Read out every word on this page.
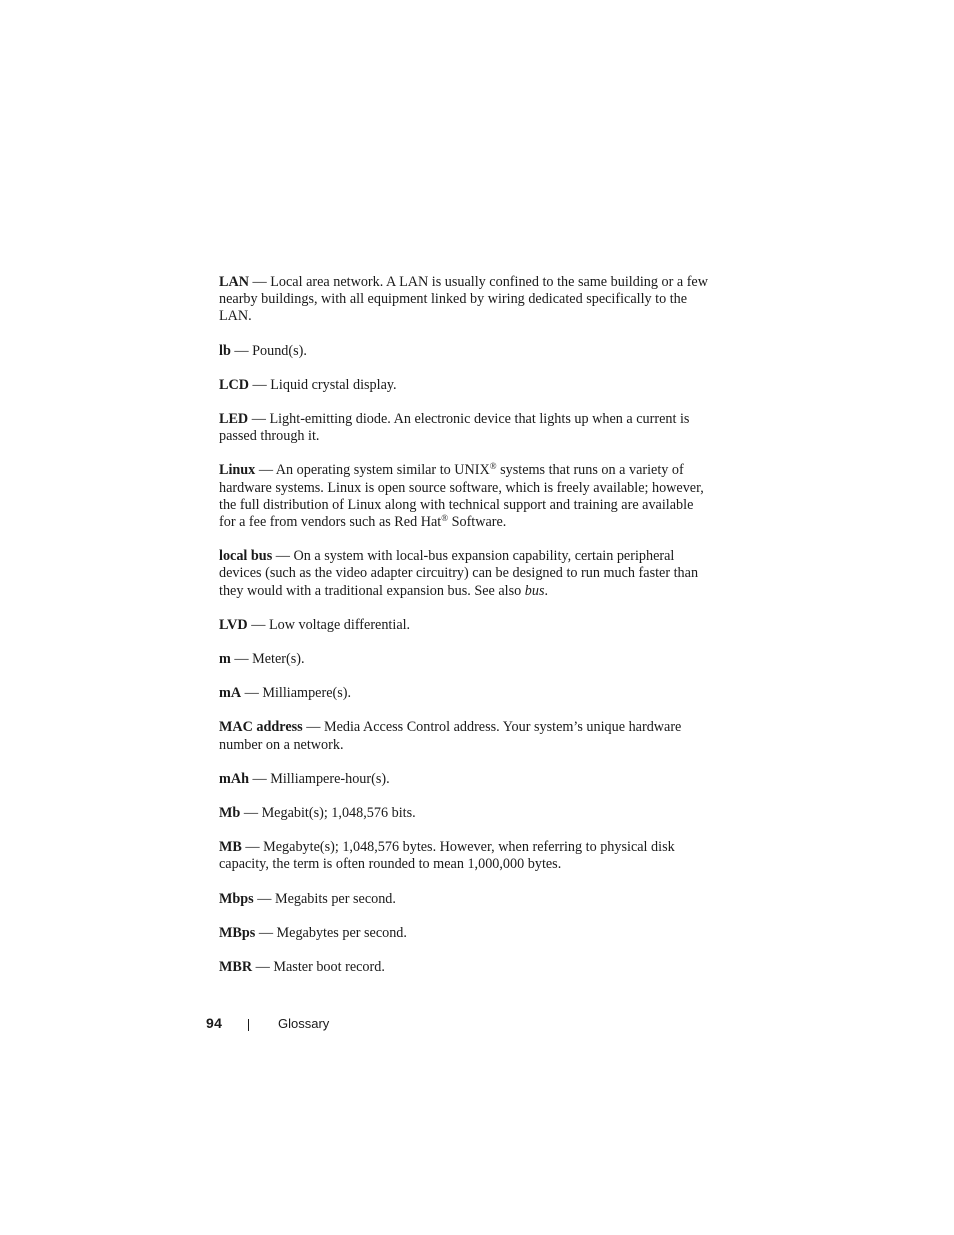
LAN — Local area network. A LAN is usually confined to the same building or a few nearby buildings, with all equipment linked by wiring dedicated specifically to the LAN.

lb — Pound(s).

LCD — Liquid crystal display.

LED — Light-emitting diode. An electronic device that lights up when a current is passed through it.

Linux — An operating system similar to UNIX® systems that runs on a variety of hardware systems. Linux is open source software, which is freely available; however, the full distribution of Linux along with technical support and training are available for a fee from vendors such as Red Hat® Software.

local bus — On a system with local-bus expansion capability, certain peripheral devices (such as the video adapter circuitry) can be designed to run much faster than they would with a traditional expansion bus. See also bus.

LVD — Low voltage differential.

m — Meter(s).

mA — Milliampere(s).

MAC address — Media Access Control address. Your system’s unique hardware number on a network.

mAh — Milliampere-hour(s).

Mb — Megabit(s); 1,048,576 bits.

MB — Megabyte(s); 1,048,576 bytes. However, when referring to physical disk capacity, the term is often rounded to mean 1,000,000 bytes.

Mbps — Megabits per second.

MBps — Megabytes per second.

MBR — Master boot record.

94	Glossary
